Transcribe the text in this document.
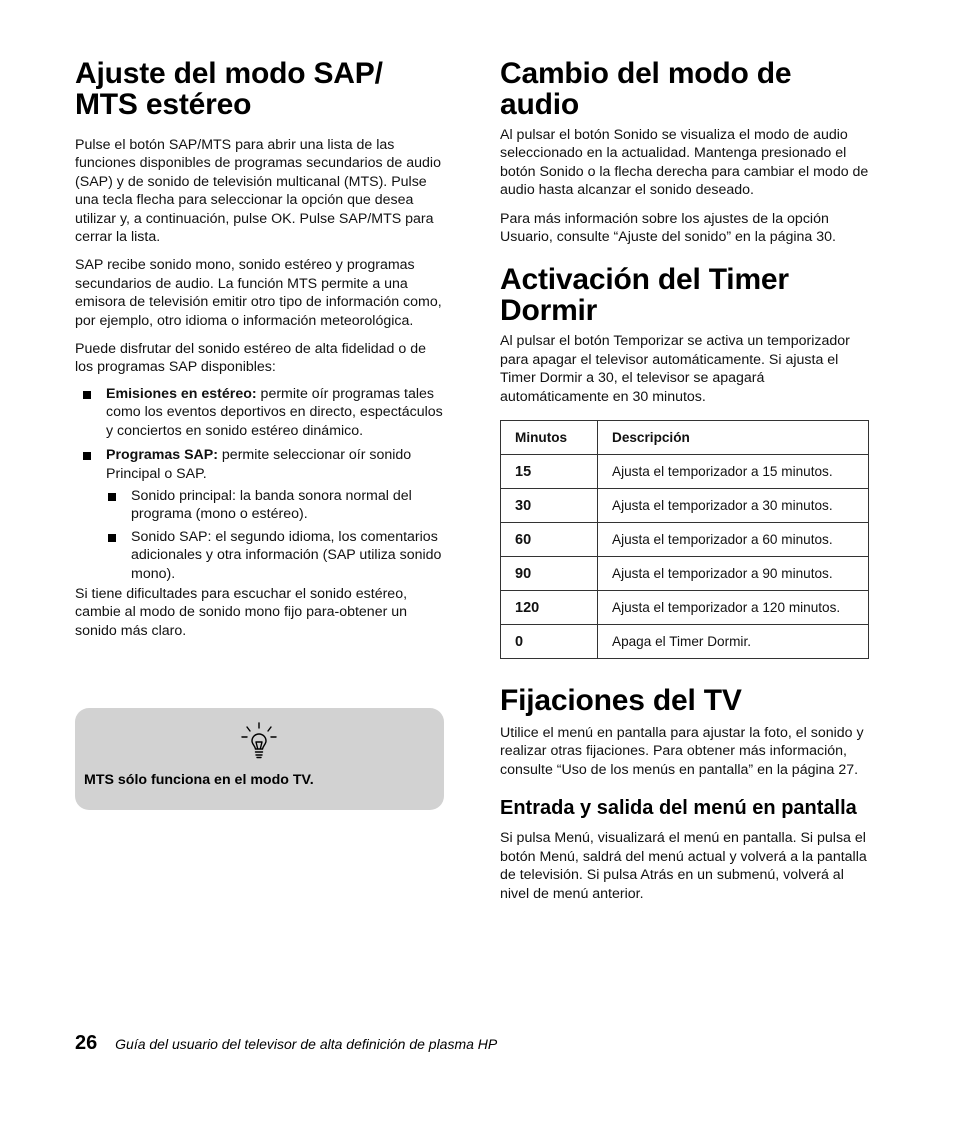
Ajuste del modo SAP/ MTS estéreo

Pulse el botón SAP/MTS para abrir una lista de las funciones disponibles de programas secundarios de audio (SAP) y de sonido de televisión multicanal (MTS). Pulse una tecla flecha para seleccionar la opción que desea utilizar y, a continuación, pulse OK. Pulse SAP/MTS para cerrar la lista.

SAP recibe sonido mono, sonido estéreo y programas secundarios de audio. La función MTS permite a una emisora de televisión emitir otro tipo de información como, por ejemplo, otro idioma o información meteorológica.

Puede disfrutar del sonido estéreo de alta fidelidad o de los programas SAP disponibles:

Emisiones en estéreo: permite oír programas tales como los eventos deportivos en directo, espectáculos y conciertos en sonido estéreo dinámico.
Programas SAP: permite seleccionar oír sonido Principal o SAP.
Sonido principal: la banda sonora normal del programa (mono o estéreo).
Sonido SAP: el segundo idioma, los comentarios adicionales y otra información (SAP utiliza sonido mono).

Si tiene dificultades para escuchar el sonido estéreo, cambie al modo de sonido mono fijo para-obtener un sonido más claro.

MTS sólo funciona en el modo TV.
Cambio del modo de audio

Al pulsar el botón Sonido se visualiza el modo de audio seleccionado en la actualidad. Mantenga presionado el botón Sonido o la flecha derecha para cambiar el modo de audio hasta alcanzar el sonido deseado.

Para más información sobre los ajustes de la opción Usuario, consulte “Ajuste del sonido” en la página 30.

Activación del Timer Dormir

Al pulsar el botón Temporizar se activa un temporizador para apagar el televisor automáticamente. Si ajusta el Timer Dormir a 30, el televisor se apagará automáticamente en 30 minutos.

Minutos	Descripción
15	Ajusta el temporizador a 15 minutos.
30	Ajusta el temporizador a 30 minutos.
60	Ajusta el temporizador a 60 minutos.
90	Ajusta el temporizador a 90 minutos.
120	Ajusta el temporizador a 120 minutos.
0	Apaga el Timer Dormir.
Fijaciones del TV

Utilice el menú en pantalla para ajustar la foto, el sonido y realizar otras fijaciones. Para obtener más información, consulte “Uso de los menús en pantalla” en la página 27.

Entrada y salida del menú en pantalla

Si pulsa Menú, visualizará el menú en pantalla. Si pulsa el botón Menú, saldrá del menú actual y volverá a la pantalla de televisión. Si pulsa Atrás en un submenú, volverá al nivel de menú anterior.

26 Guía del usuario del televisor de alta definición de plasma HP
